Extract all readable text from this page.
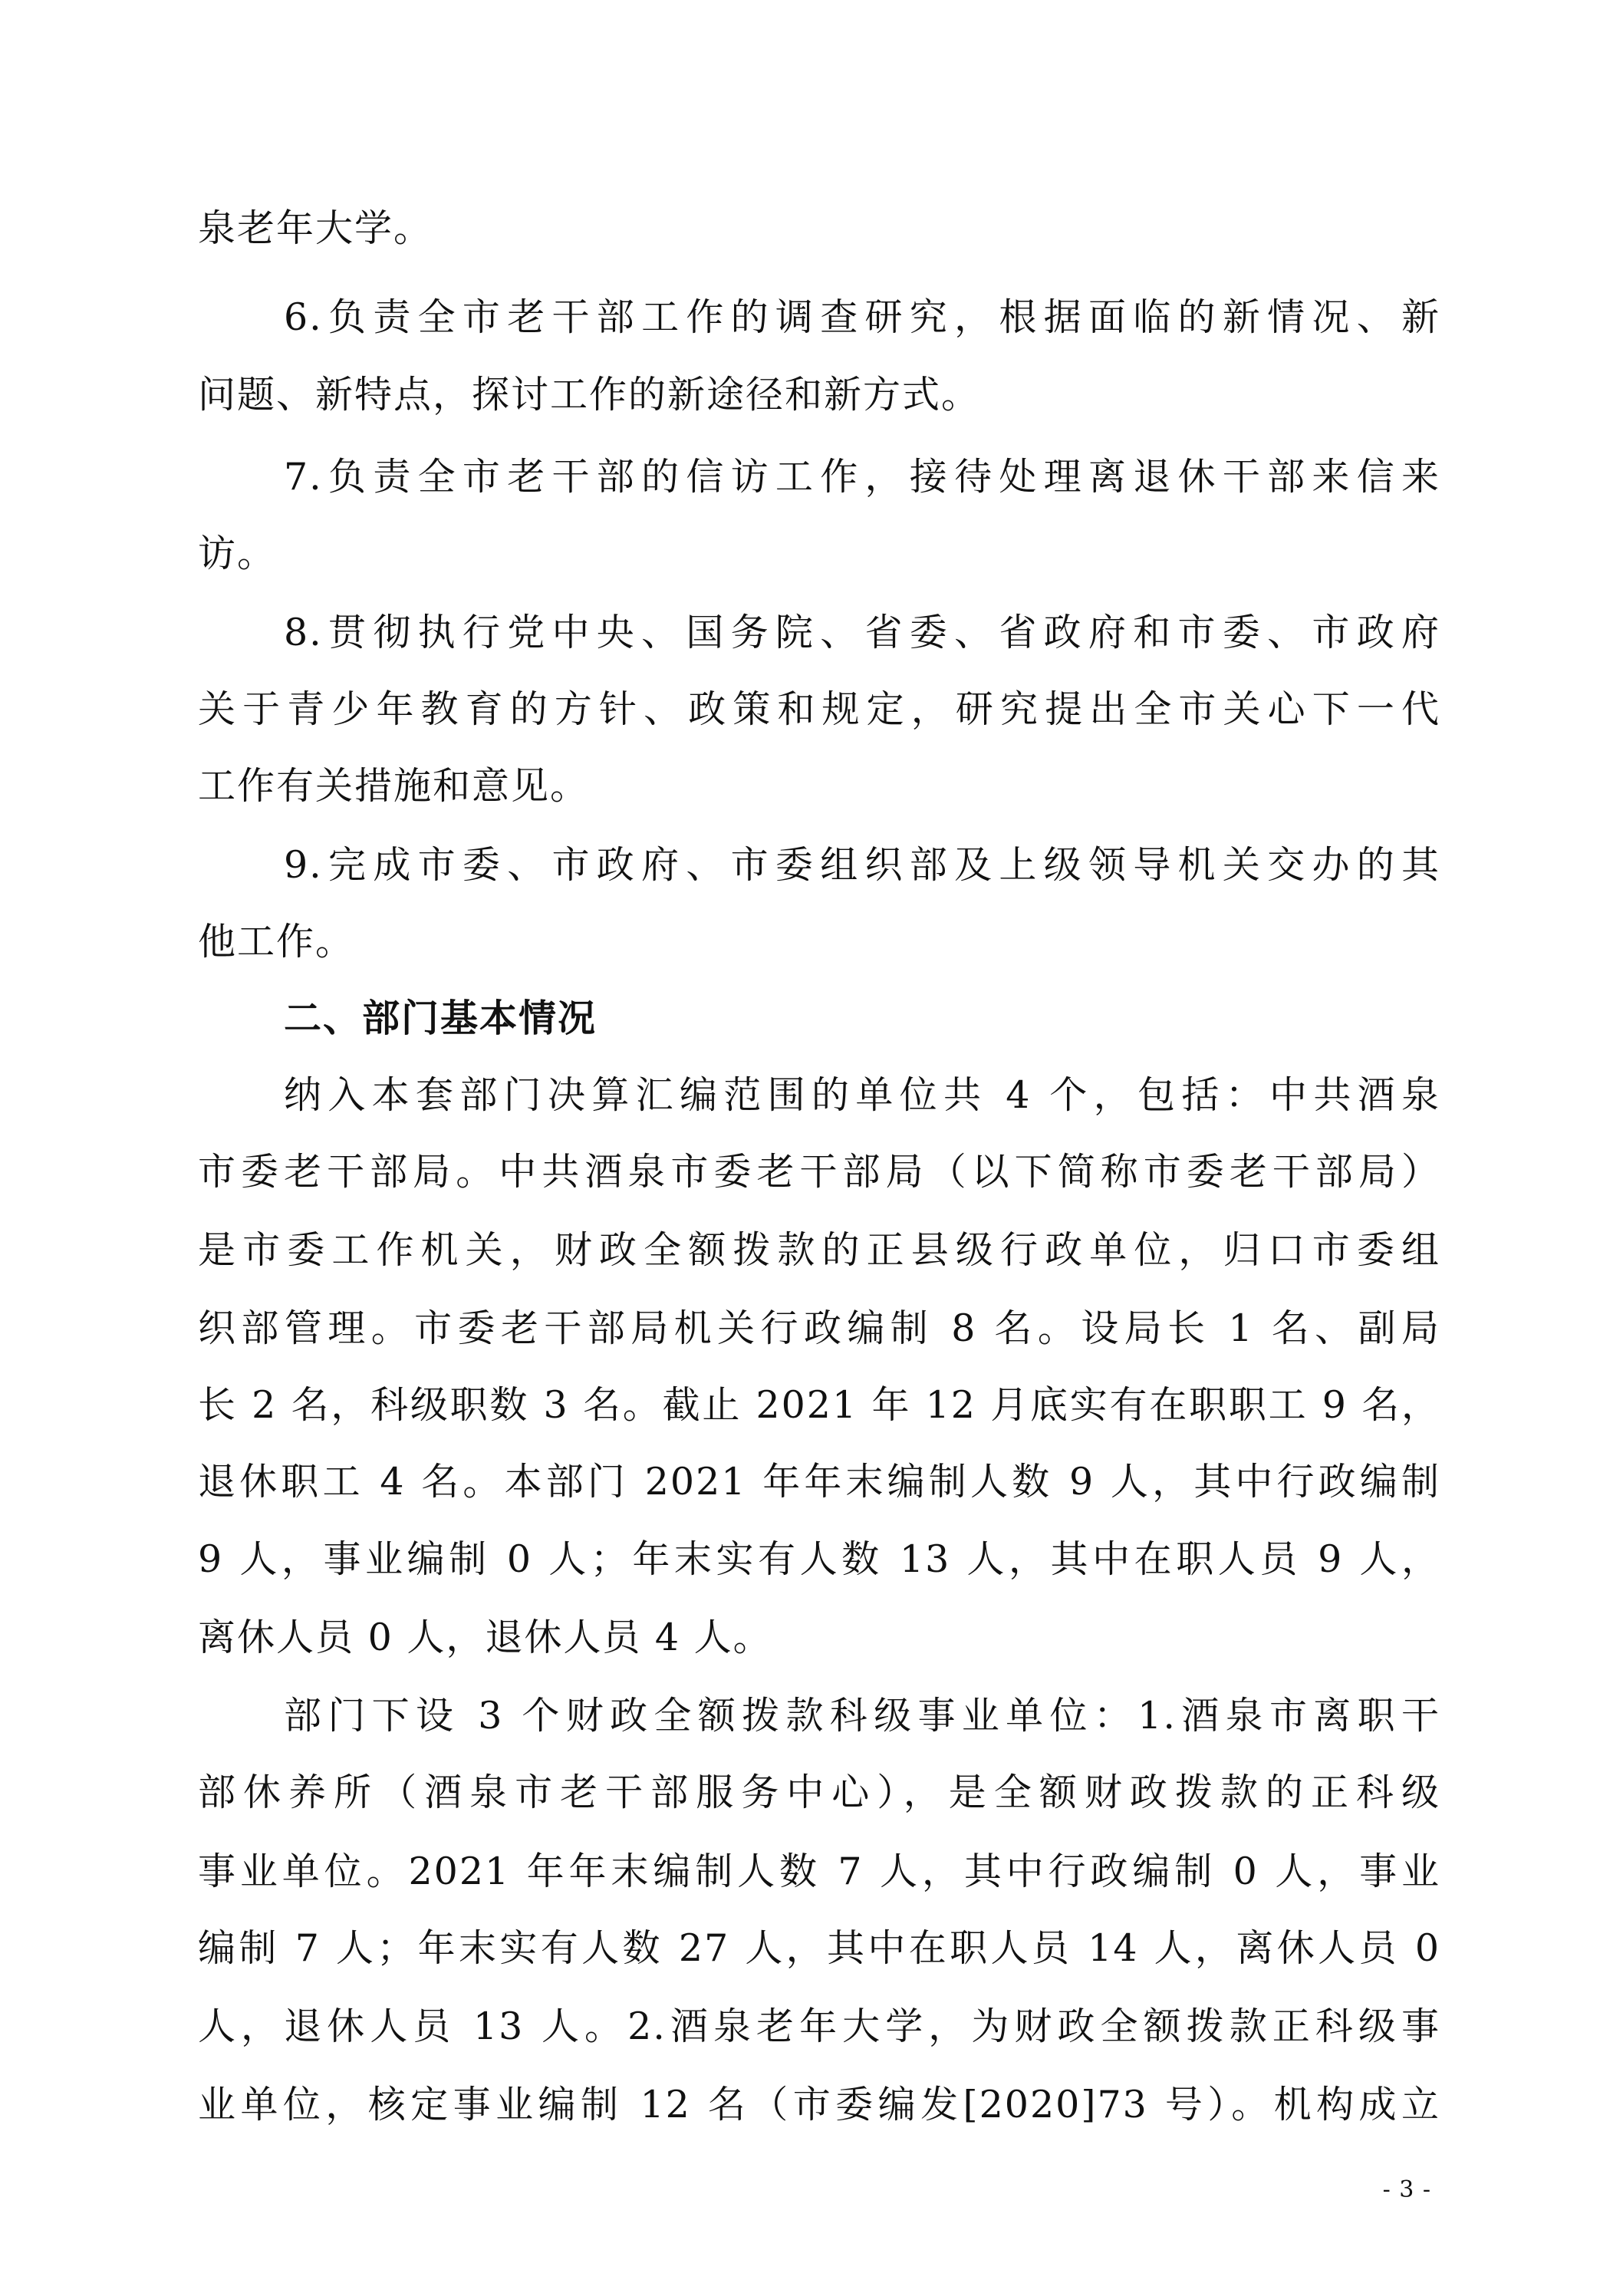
泉老年大学。
6.负责全市老干部工作的调查研究，根据面临的新情况、新
问题、新特点，探讨工作的新途径和新方式。
7.负责全市老干部的信访工作，接待处理离退休干部来信来
访。
8.贯彻执行党中央、国务院、省委、省政府和市委、市政府
关于青少年教育的方针、政策和规定，研究提出全市关心下一代
工作有关措施和意见。
9.完成市委、市政府、市委组织部及上级领导机关交办的其
他工作。
二、部门基本情况
纳入本套部门决算汇编范围的单位共 4 个，包括：中共酒泉
市委老干部局。中共酒泉市委老干部局（以下简称市委老干部局）
是市委工作机关，财政全额拨款的正县级行政单位，归口市委组
织部管理。市委老干部局机关行政编制 8 名。设局长 1 名、副局
长 2 名，科级职数 3 名。截止 2021 年 12 月底实有在职职工 9 名，
退休职工 4 名。本部门 2021 年年末编制人数 9 人，其中行政编制
9 人，事业编制 0 人；年末实有人数 13 人，其中在职人员 9 人，
离休人员 0 人，退休人员 4 人。
部门下设 3 个财政全额拨款科级事业单位：1.酒泉市离职干
部休养所（酒泉市老干部服务中心），是全额财政拨款的正科级
事业单位。2021 年年末编制人数 7 人，其中行政编制 0 人，事业
编制 7 人；年末实有人数 27 人，其中在职人员 14 人，离休人员 0
人，退休人员 13 人。2.酒泉老年大学，为财政全额拨款正科级事
业单位，核定事业编制 12 名（市委编发[2020]73 号）。机构成立
- 3 -
